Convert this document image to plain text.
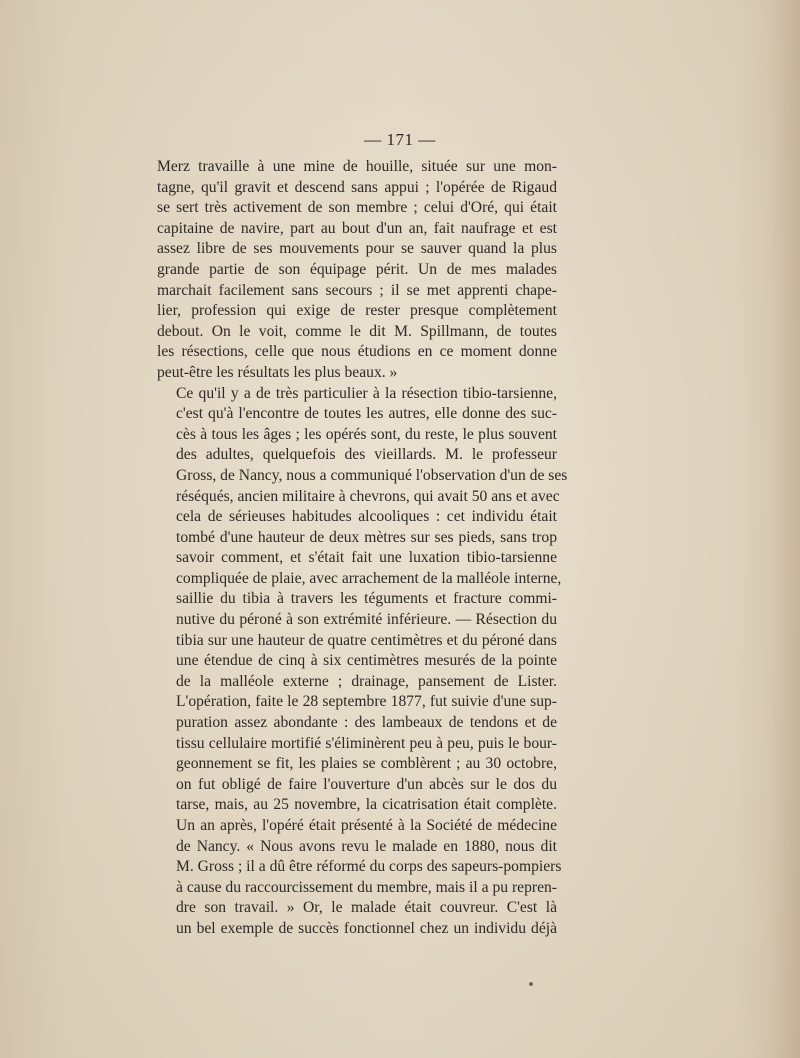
— 171 —
Merz travaille à une mine de houille, située sur une mon-
tagne, qu'il gravit et descend sans appui ; l'opérée de Rigaud
se sert très activement de son membre ; celui d'Oré, qui était
capitaine de navire, part au bout d'un an, fait naufrage et est
assez libre de ses mouvements pour se sauver quand la plus
grande partie de son équipage périt. Un de mes malades
marchait facilement sans secours ; il se met apprenti chape-
lier, profession qui exige de rester presque complètement
debout. On le voit, comme le dit M. Spillmann, de toutes
les résections, celle que nous étudions en ce moment donne
peut-être les résultats les plus beaux. »
Ce qu'il y a de très particulier à la résection tibio-tarsienne,
c'est qu'à l'encontre de toutes les autres, elle donne des suc-
cès à tous les âges ; les opérés sont, du reste, le plus souvent
des adultes, quelquefois des vieillards. M. le professeur
Gross, de Nancy, nous a communiqué l'observation d'un de ses
réséqués, ancien militaire à chevrons, qui avait 50 ans et avec
cela de sérieuses habitudes alcooliques : cet individu était
tombé d'une hauteur de deux mètres sur ses pieds, sans trop
savoir comment, et s'était fait une luxation tibio-tarsienne
compliquée de plaie, avec arrachement de la malléole interne,
saillie du tibia à travers les téguments et fracture commi-
nutive du péroné à son extrémité inférieure. — Résection du
tibia sur une hauteur de quatre centimètres et du péroné dans
une étendue de cinq à six centimètres mesurés de la pointe
de la malléole externe ; drainage, pansement de Lister.
L'opération, faite le 28 septembre 1877, fut suivie d'une sup-
puration assez abondante : des lambeaux de tendons et de
tissu cellulaire mortifié s'éliminèrent peu à peu, puis le bour-
geonnement se fit, les plaies se comblèrent ; au 30 octobre,
on fut obligé de faire l'ouverture d'un abcès sur le dos du
tarse, mais, au 25 novembre, la cicatrisation était complète.
Un an après, l'opéré était présenté à la Société de médecine
de Nancy. « Nous avons revu le malade en 1880, nous dit
M. Gross ; il a dû être réformé du corps des sapeurs-pompiers
à cause du raccourcissement du membre, mais il a pu repren-
dre son travail. » Or, le malade était couvreur. C'est là
un bel exemple de succès fonctionnel chez un individu déjà
